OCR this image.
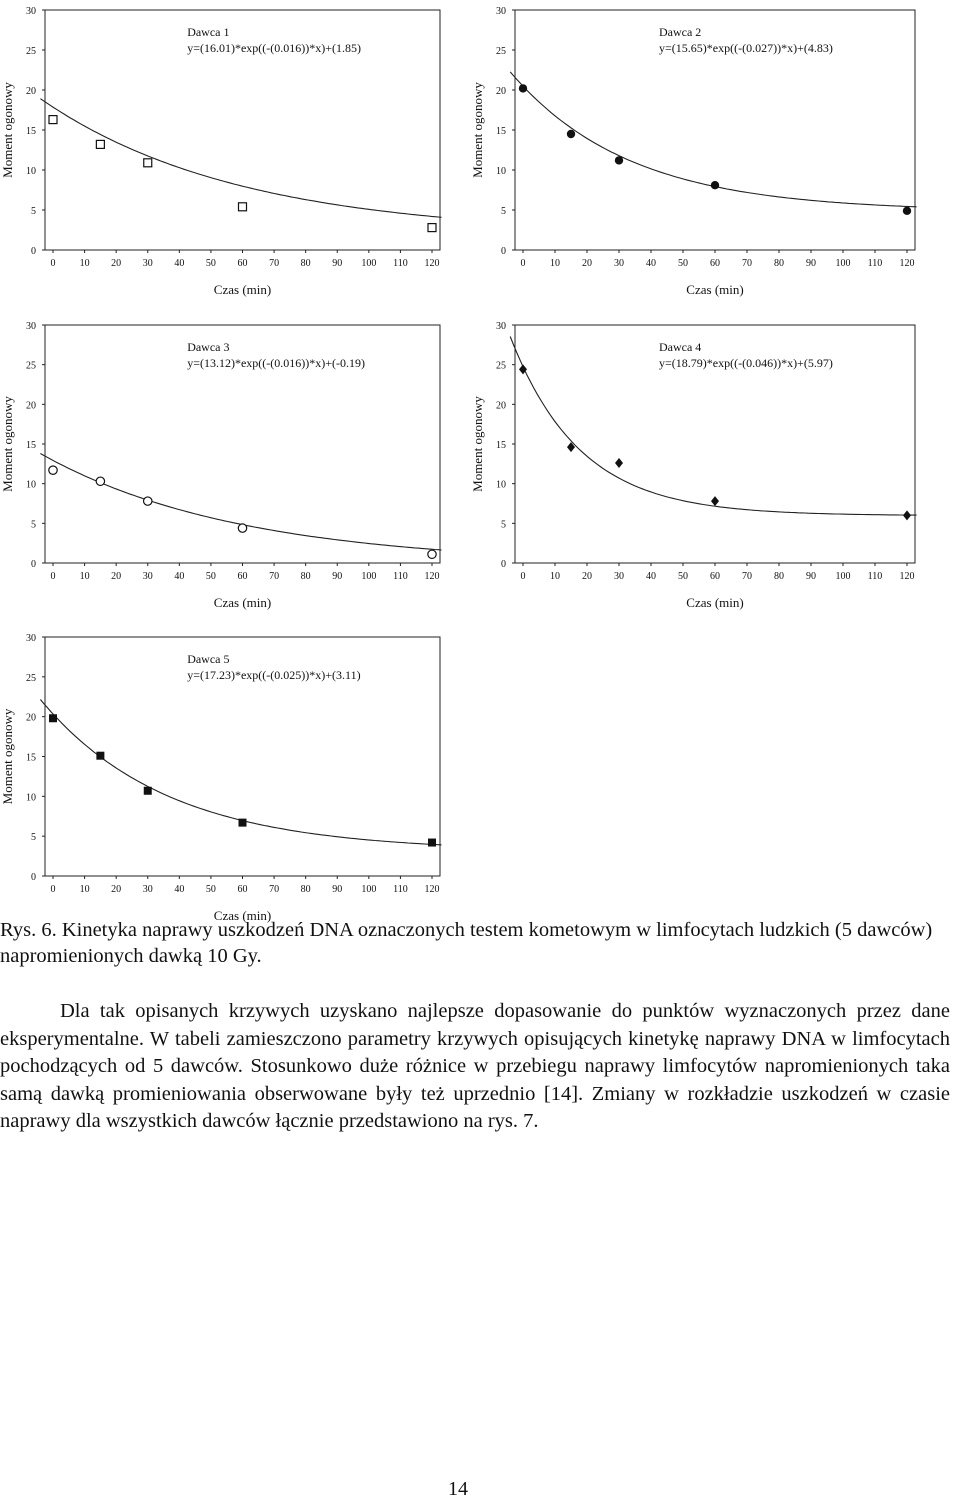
0
5
10
15
20
25
30
0 10 20 30 40 50 60 70 80 90 100 110 120
Czas (min)
Moment ogonowy
Dawca 1
y=(16.01)*exp((-(0.016))*x)+(1.85)
0
5
10
15
20
25
30
0 10 20 30 40 50 60 70 80 90 100 110 120
Czas (min)
Moment ogonowy
Dawca 2
y=(15.65)*exp((-(0.027))*x)+(4.83)
0
5
10
15
20
25
30
0 10 20 30 40 50 60 70 80 90 100 110 120
Czas (min)
Moment ogonowy
Dawca 3
y=(13.12)*exp((-(0.016))*x)+(-0.19)
0
5
10
15
20
25
30
0 10 20 30 40 50 60 70 80 90 100 110 120
Czas (min)
Moment ogonowy
Dawca 4
y=(18.79)*exp((-(0.046))*x)+(5.97)
0
5
10
15
20
25
30
0 10 20 30 40 50 60 70 80 90 100 110 120
Czas (min)
Moment ogonowy
Dawca 5
y=(17.23)*exp((-(0.025))*x)+(3.11)
Rys. 6. Kinetyka naprawy uszkodzeń DNA oznaczonych testem kometowym w limfocytach ludzkich (5 dawców) napromienionych dawką 10 Gy.
Dla tak opisanych krzywych uzyskano najlepsze dopasowanie do punktów wyznaczonych przez dane eksperymentalne. W tabeli zamieszczono parametry krzywych opisujących kinetykę naprawy DNA w limfocytach pochodzących od 5 dawców. Stosunkowo duże różnice w przebiegu naprawy limfocytów napromienionych taka samą dawką promieniowania obserwowane były też uprzednio [14]. Zmiany w rozkładzie uszkodzeń w czasie naprawy dla wszystkich dawców łącznie przedstawiono na rys. 7.
14
